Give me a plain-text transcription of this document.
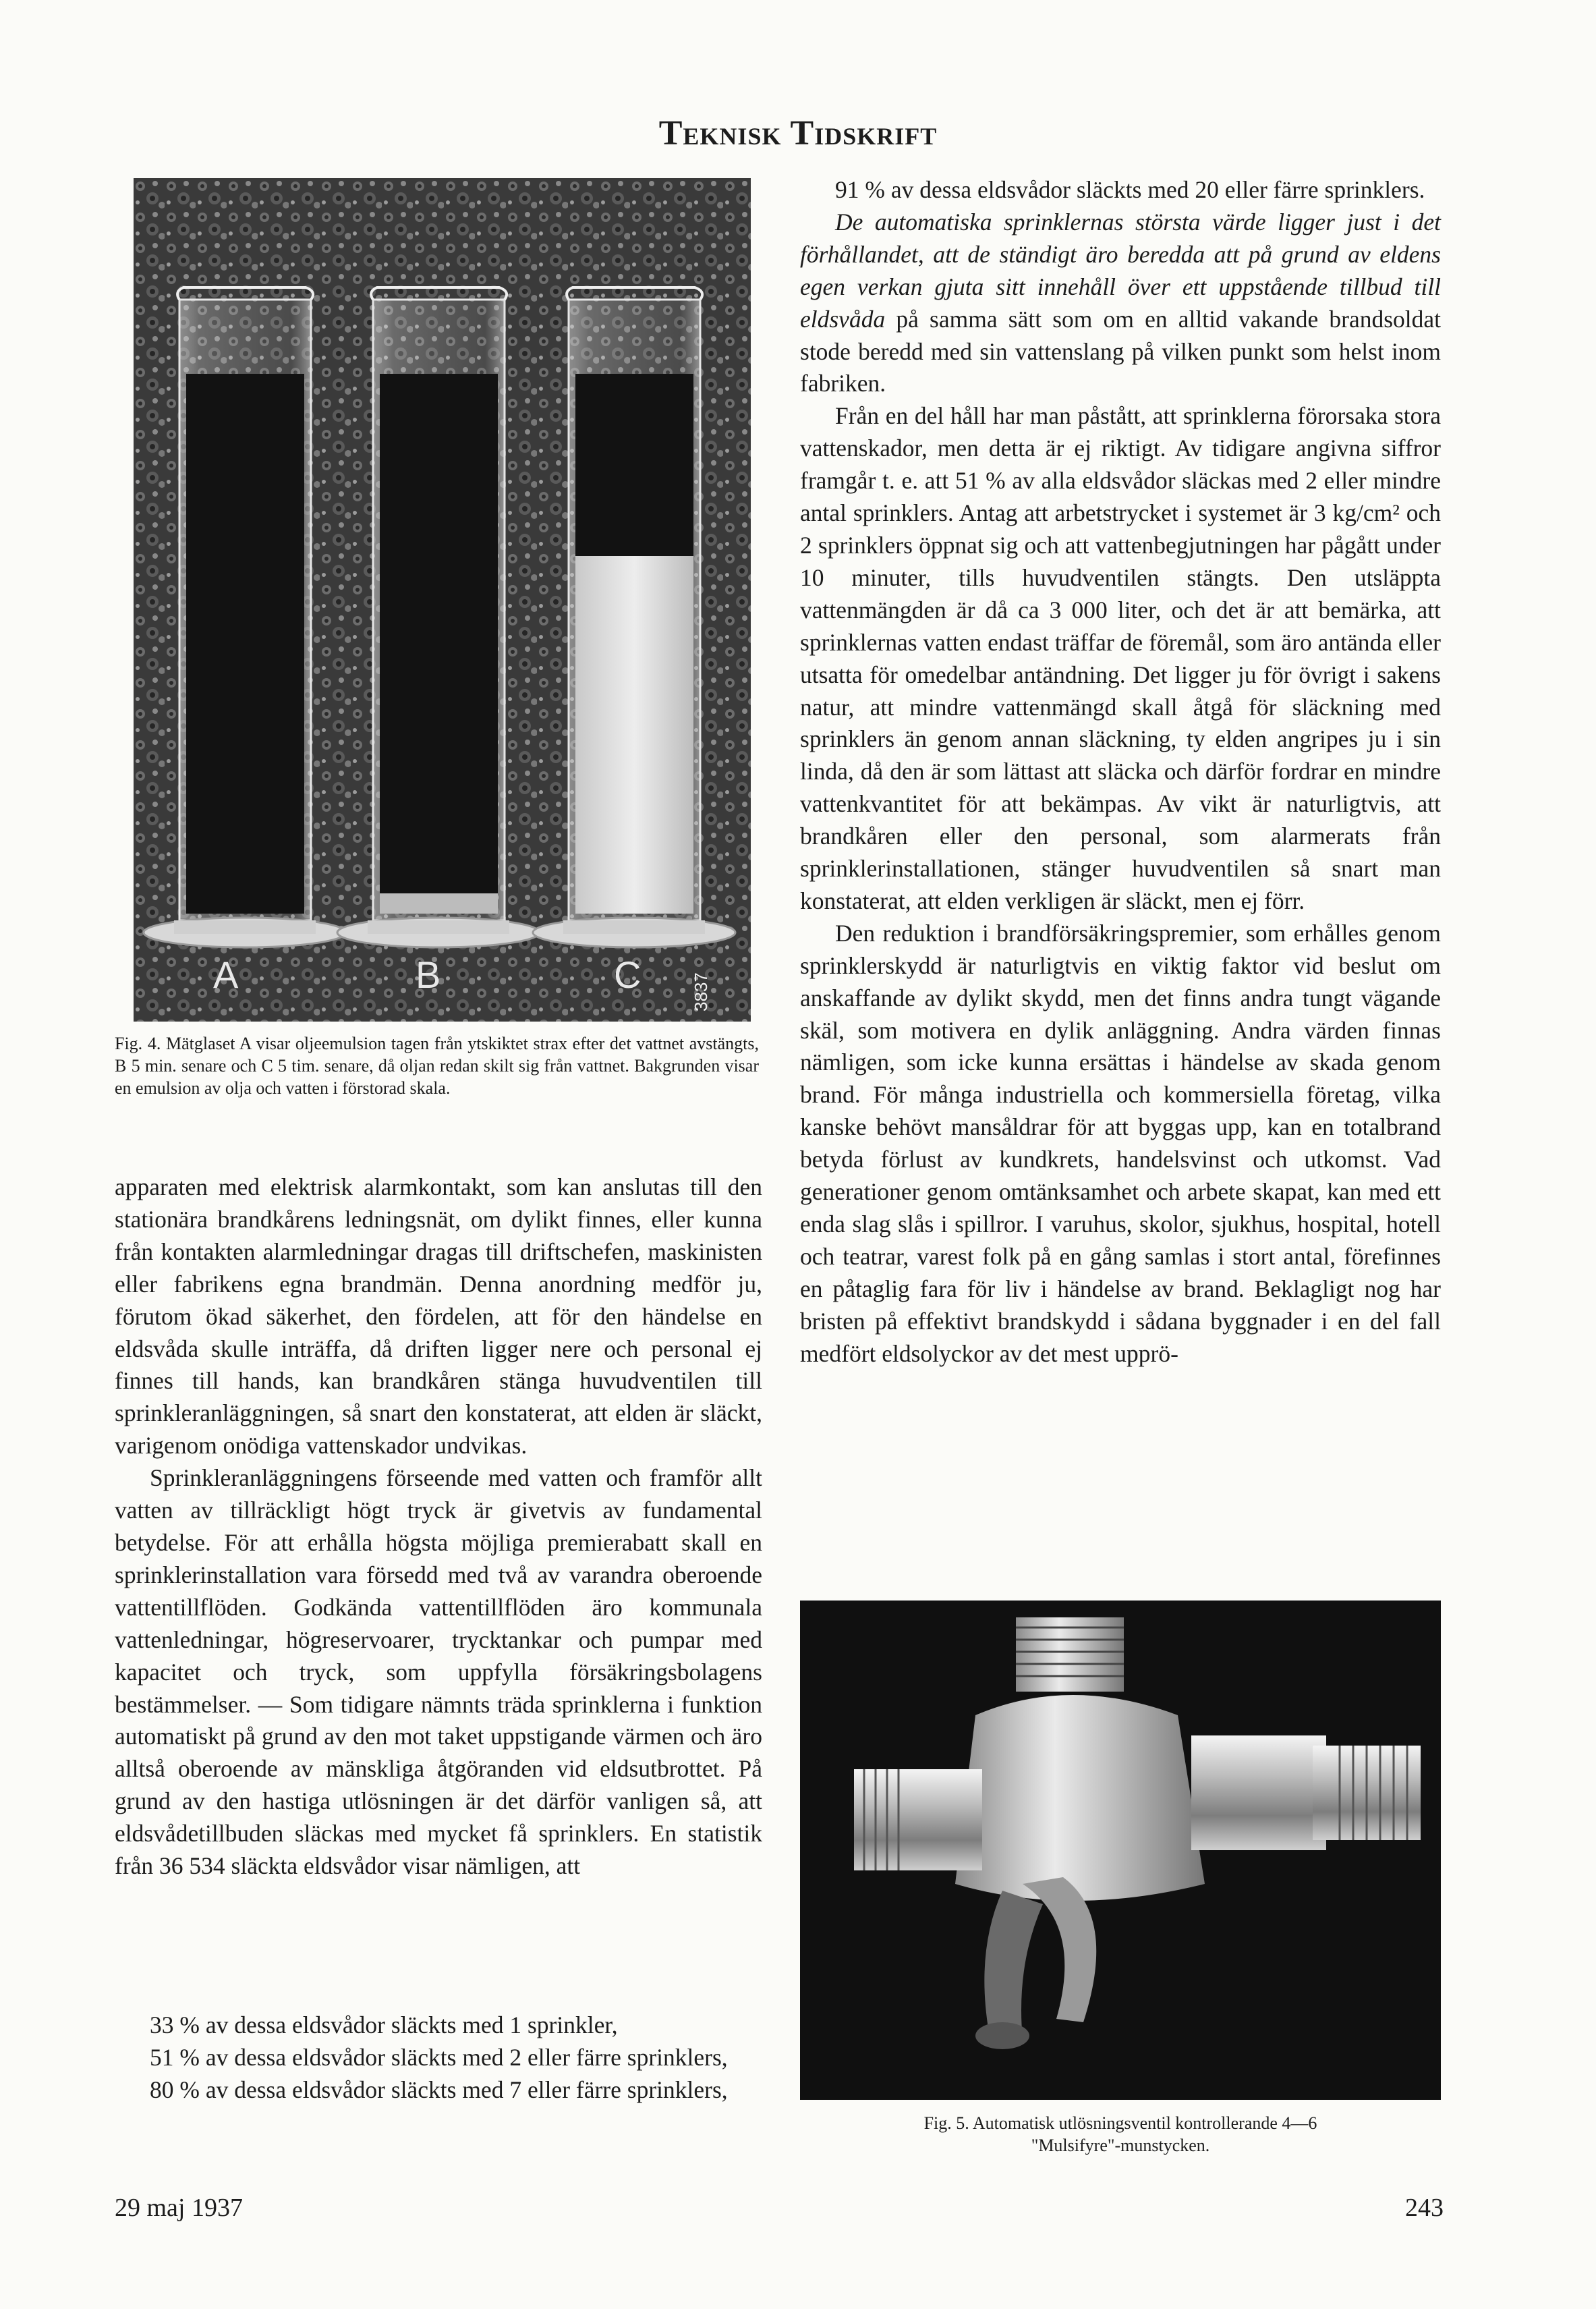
Teknisk Tidskrift
A	B	C	3837
Fig. 4. Mätglaset A visar oljeemulsion tagen från ytskiktet strax efter det vattnet avstängts, B 5 min. senare och C 5 tim. senare, då oljan redan skilt sig från vattnet. Bakgrunden visar en emulsion av olja och vatten i förstorad skala.

apparaten med elektrisk alarmkontakt, som kan anslutas till den stationära brandkårens ledningsnät, om dylikt finnes, eller kunna från kontakten alarmledningar dragas till driftschefen, maskinisten eller fabrikens egna brandmän. Denna anordning medför ju, förutom ökad säkerhet, den fördelen, att för den händelse en eldsvåda skulle inträffa, då driften ligger nere och personal ej finnes till hands, kan brandkåren stänga huvudventilen till sprinkleranläggningen, så snart den konstaterat, att elden är släckt, varigenom onödiga vattenskador undvikas.

Sprinkleranläggningens förseende med vatten och framför allt vatten av tillräckligt högt tryck är givetvis av fundamental betydelse. För att erhålla högsta möjliga premierabatt skall en sprinklerinstallation vara försedd med två av varandra oberoende vattentillflöden. Godkända vattentillflöden äro kommunala vattenledningar, högreservoarer, trycktankar och pumpar med kapacitet och tryck, som uppfylla försäkringsbolagens bestämmelser. — Som tidigare nämnts träda sprinklerna i funktion automatiskt på grund av den mot taket uppstigande värmen och äro alltså oberoende av mänskliga åtgöranden vid eldsutbrottet. På grund av den hastiga utlösningen är det därför vanligen så, att eldsvådetillbuden släckas med mycket få sprinklers. En statistik från 36 534 släckta eldsvådor visar nämligen, att

33 % av dessa eldsvådor släckts med 1 sprinkler,

51 % av dessa eldsvådor släckts med 2 eller färre sprinklers,

80 % av dessa eldsvådor släckts med 7 eller färre sprinklers,

91 % av dessa eldsvådor släckts med 20 eller färre sprinklers.

De automatiska sprinklernas största värde ligger just i det förhållandet, att de ständigt äro beredda att på grund av eldens egen verkan gjuta sitt innehåll över ett uppstående tillbud till eldsvåda på samma sätt som om en alltid vakande brandsoldat stode beredd med sin vattenslang på vilken punkt som helst inom fabriken.

Från en del håll har man påstått, att sprinklerna förorsaka stora vattenskador, men detta är ej riktigt. Av tidigare angivna siffror framgår t. e. att 51 % av alla eldsvådor släckas med 2 eller mindre antal sprinklers. Antag att arbetstrycket i systemet är 3 kg/cm² och 2 sprinklers öppnat sig och att vattenbegjutningen har pågått under 10 minuter, tills huvudventilen stängts. Den utsläppta vattenmängden är då ca 3 000 liter, och det är att bemärka, att sprinklernas vatten endast träffar de föremål, som äro antända eller utsatta för omedelbar antändning. Det ligger ju för övrigt i sakens natur, att mindre vattenmängd skall åtgå för släckning med sprinklers än genom annan släckning, ty elden angripes ju i sin linda, då den är som lättast att släcka och därför fordrar en mindre vattenkvantitet för att bekämpas. Av vikt är naturligtvis, att brandkåren eller den personal, som alarmerats från sprinklerinstallationen, stänger huvudventilen så snart man konstaterat, att elden verkligen är släckt, men ej förr.

Den reduktion i brandförsäkringspremier, som erhålles genom sprinklerskydd är naturligtvis en viktig faktor vid beslut om anskaffande av dylikt skydd, men det finns andra tungt vägande skäl, som motivera en dylik anläggning. Andra värden finnas nämligen, som icke kunna ersättas i händelse av skada genom brand. För många industriella och kommersiella företag, vilka kanske behövt mansåldrar för att byggas upp, kan en totalbrand betyda förlust av kundkrets, handelsvinst och utkomst. Vad generationer genom omtänksamhet och arbete skapat, kan med ett enda slag slås i spillror. I varuhus, skolor, sjukhus, hospital, hotell och teatrar, varest folk på en gång samlas i stort antal, förefinnes en påtaglig fara för liv i händelse av brand. Beklagligt nog har bristen på effektivt brandskydd i sådana byggnader i en del fall medfört eldsolyckor av det mest upprö-

Fig. 5. Automatisk utlösningsventil kontrollerande 4—6
"Mulsifyre"-munstycken.
29 maj 1937	243
